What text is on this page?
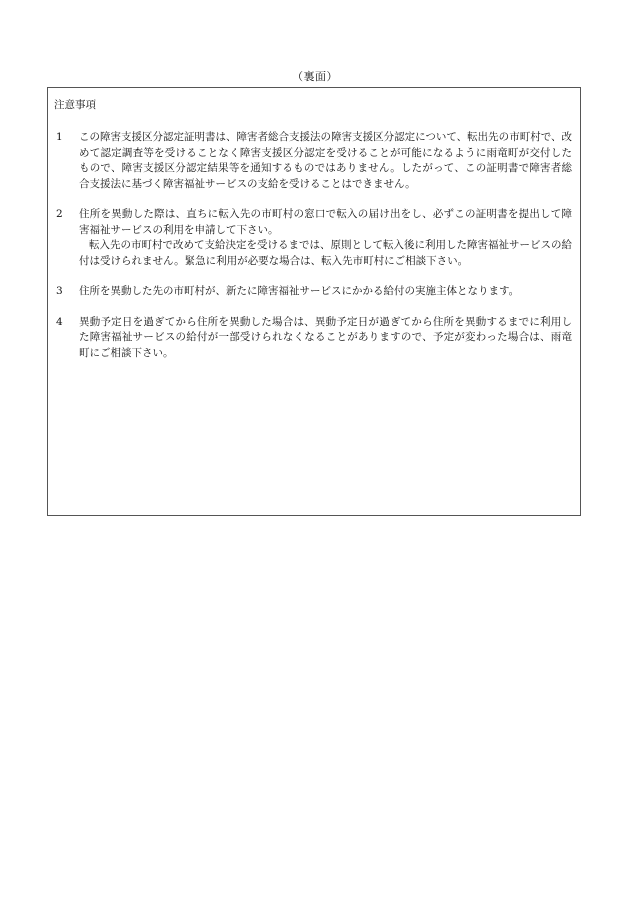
（裏面）
注意事項
1	この障害支援区分認定証明書は、障害者総合支援法の障害支援区分認定について、転出先の市町村で、改めて認定調査等を受けることなく障害支援区分認定を受けることが可能になるように雨竜町が交付したもので、障害支援区分認定結果等を通知するものではありません。したがって、この証明書で障害者総合支援法に基づく障害福祉サービスの支給を受けることはできません。
2	住所を異動した際は、直ちに転入先の市町村の窓口で転入の届け出をし、必ずこの証明書を提出して障害福祉サービスの利用を申請して下さい。
転入先の市町村で改めて支給決定を受けるまでは、原則として転入後に利用した障害福祉サービスの給付は受けられません。緊急に利用が必要な場合は、転入先市町村にご相談下さい。
3	住所を異動した先の市町村が、新たに障害福祉サービスにかかる給付の実施主体となります。
4	異動予定日を過ぎてから住所を異動した場合は、異動予定日が過ぎてから住所を異動するまでに利用した障害福祉サービスの給付が一部受けられなくなることがありますので、予定が変わった場合は、雨竜町にご相談下さい。
